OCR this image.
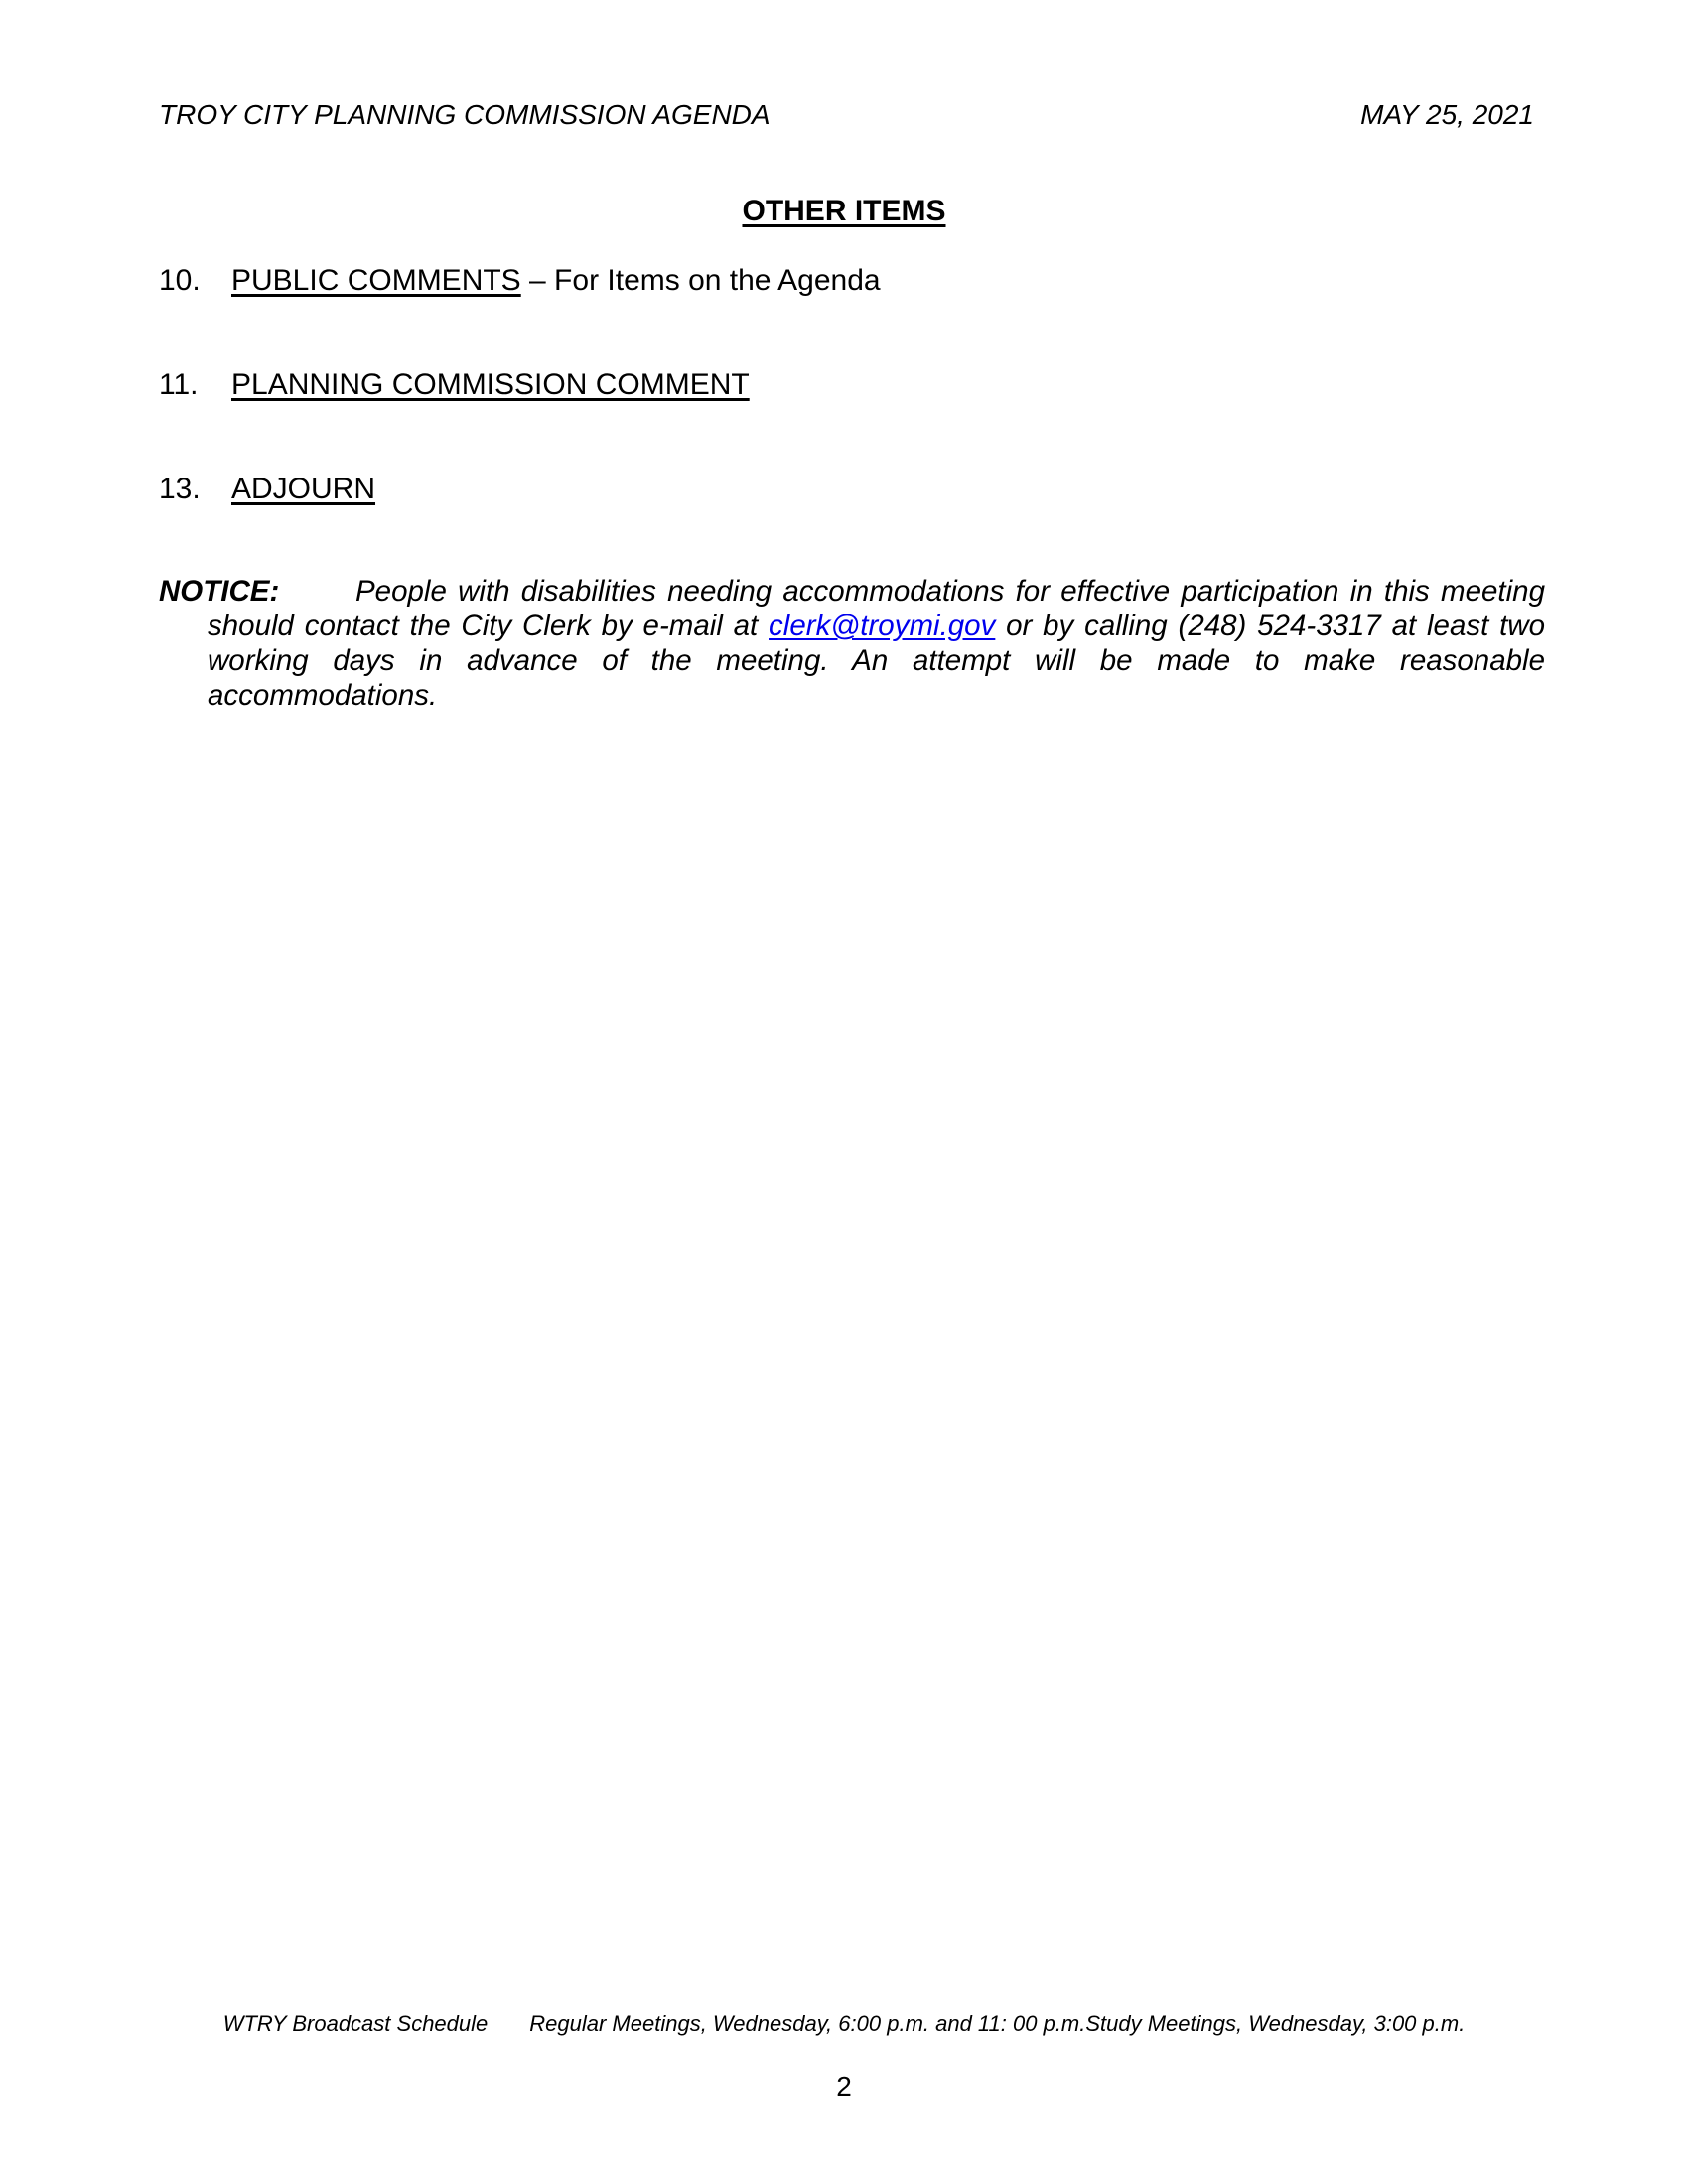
TROY CITY PLANNING COMMISSION AGENDA	MAY 25, 2021
OTHER ITEMS
10. PUBLIC COMMENTS – For Items on the Agenda
11. PLANNING COMMISSION COMMENT
13. ADJOURN
NOTICE:	People with disabilities needing accommodations for effective participation in this meeting
should contact the City Clerk by e-mail at clerk@troymi.gov or by calling (248) 524-3317 at least two
working days in advance of the meeting. An attempt will be made to make reasonable
accommodations.
WTRY Broadcast Schedule Regular Meetings, Wednesday, 6:00 p.m. and 11: 00 p.m.Study Meetings, Wednesday, 3:00 p.m.
2
